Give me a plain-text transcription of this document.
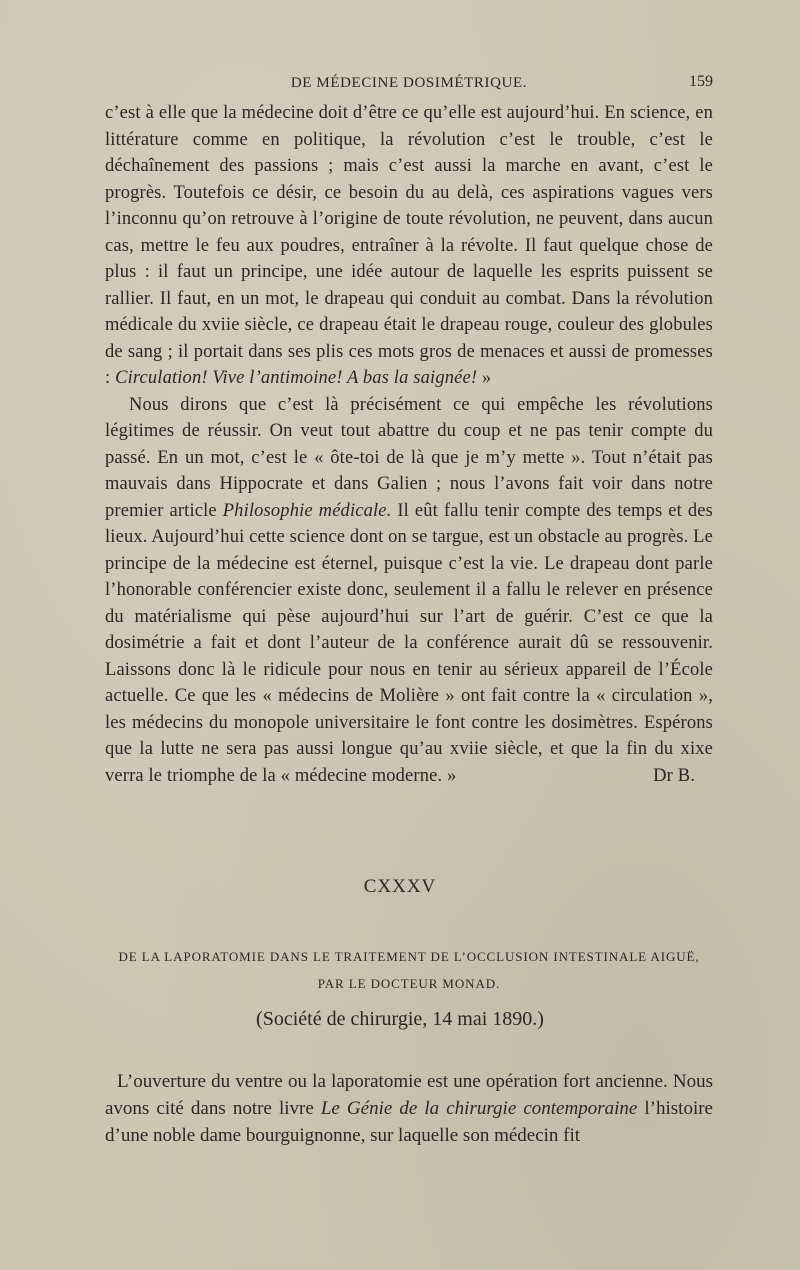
DE MÉDECINE DOSIMÉTRIQUE.	159

c’est à elle que la médecine doit d’être ce qu’elle est aujourd’hui. En science, en littérature comme en politique, la révolution c’est le trouble, c’est le déchaînement des passions ; mais c’est aussi la marche en avant, c’est le progrès. Toutefois ce désir, ce besoin du au delà, ces aspirations vagues vers l’inconnu qu’on retrouve à l’origine de toute révolution, ne peuvent, dans aucun cas, mettre le feu aux poudres, entraîner à la révolte. Il faut quelque chose de plus : il faut un principe, une idée autour de laquelle les esprits puissent se rallier. Il faut, en un mot, le drapeau qui conduit au combat. Dans la révolution médicale du xviie siècle, ce drapeau était le drapeau rouge, couleur des globules de sang ; il portait dans ses plis ces mots gros de menaces et aussi de promesses : Circulation! Vive l’antimoine! A bas la saignée! »

Nous dirons que c’est là précisément ce qui empêche les révolutions légitimes de réussir. On veut tout abattre du coup et ne pas tenir compte du passé. En un mot, c’est le « ôte-toi de là que je m’y mette ». Tout n’était pas mauvais dans Hippocrate et dans Galien ; nous l’avons fait voir dans notre premier article Philosophie médicale. Il eût fallu tenir compte des temps et des lieux. Aujourd’hui cette science dont on se targue, est un obstacle au progrès. Le principe de la médecine est éternel, puisque c’est la vie. Le drapeau dont parle l’honorable conférencier existe donc, seulement il a fallu le relever en présence du matérialisme qui pèse aujourd’hui sur l’art de guérir. C’est ce que la dosimétrie a fait et dont l’auteur de la conférence aurait dû se ressouvenir. Laissons donc là le ridicule pour nous en tenir au sérieux appareil de l’École actuelle. Ce que les « médecins de Molière » ont fait contre la « circulation », les médecins du monopole universitaire le font contre les dosimètres. Espérons que la lutte ne sera pas aussi longue qu’au xviie siècle, et que la fin du xixe verra le triomphe de la « médecine moderne. »	Dr B.
CXXXV
DE LA LAPORATOMIE DANS LE TRAITEMENT DE L’OCCLUSION INTESTINALE AIGUË,
PAR LE DOCTEUR MONAD.
(Société de chirurgie, 14 mai 1890.)

L’ouverture du ventre ou la laporatomie est une opération fort ancienne. Nous avons cité dans notre livre Le Génie de la chirurgie contemporaine l’histoire d’une noble dame bourguignonne, sur laquelle son médecin fit
